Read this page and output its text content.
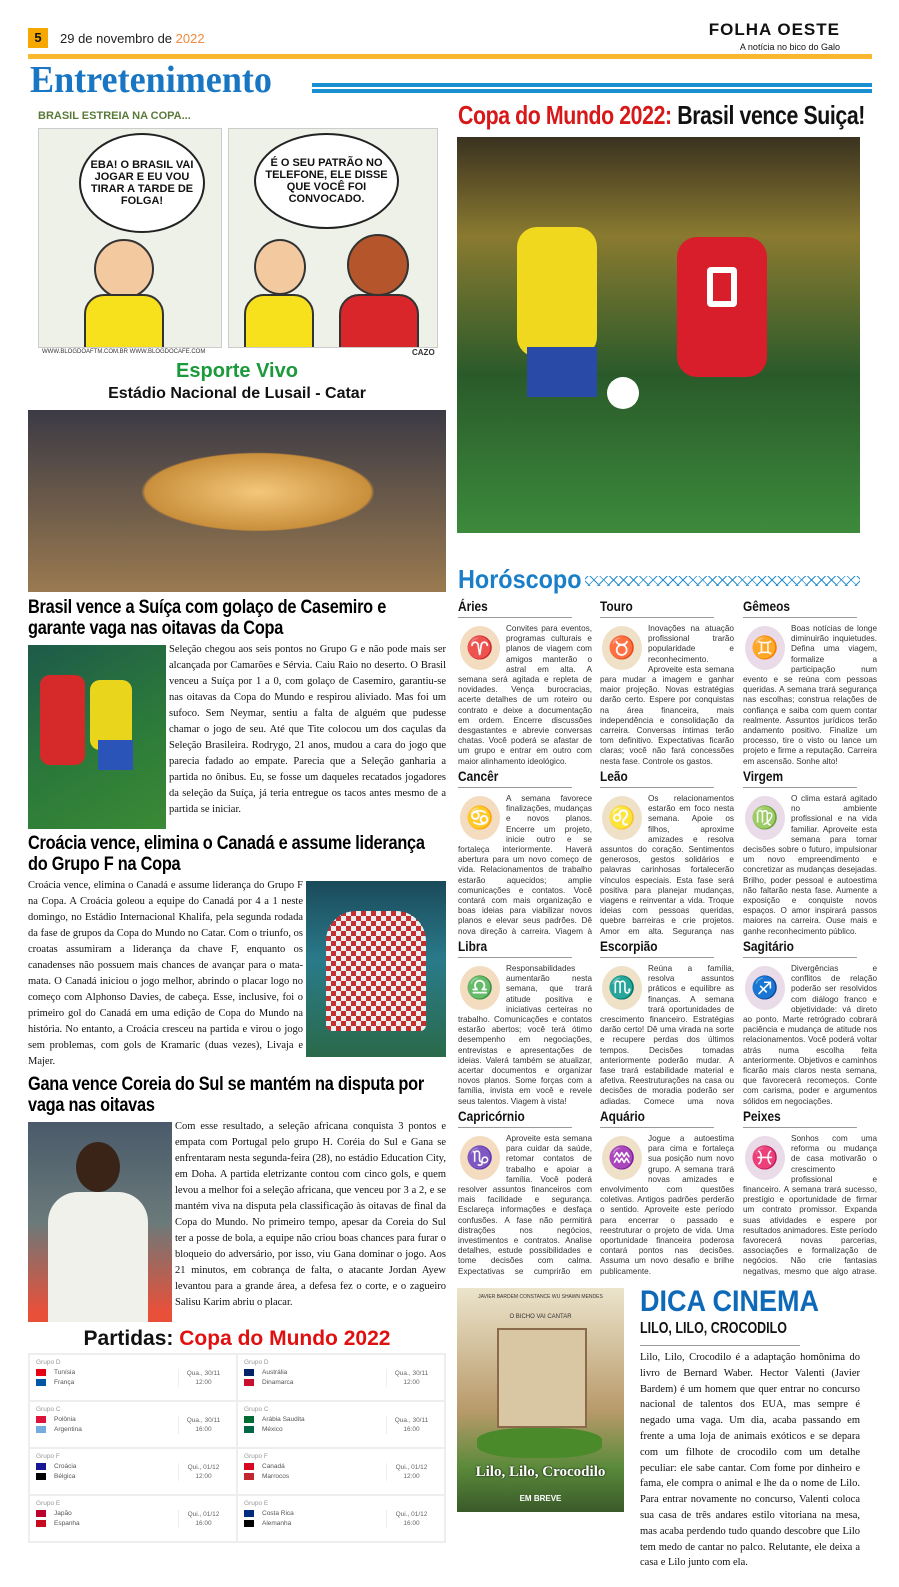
5	29 de novembro de 2022	FOLHA OESTE
A notícia no bico do Galo
Entretenimento
BRASIL ESTREIA NA COPA...
EBA! O BRASIL VAI JOGAR E EU VOU TIRAR A TARDE DE FOLGA!
É O SEU PATRÃO NO TELEFONE, ELE DISSE QUE VOCÊ FOI CONVOCADO.
WWW.BLOGDOAFTM.COM.BR WWW.BLOGDOCAFE.COM	CAZO
Esporte Vivo
Estádio Nacional de Lusail - Catar
Brasil vence a Suíça com golaço de Casemiro e garante vaga nas oitavas da Copa
Seleção chegou aos seis pontos no Grupo G e não pode mais ser alcançada por Camarões e Sérvia. Caiu Raio no deserto. O Brasil venceu a Suíça por 1 a 0, com golaço de Casemiro, garantiu-se nas oitavas da Copa do Mundo e respirou aliviado. Mas foi um sufoco. Sem Neymar, sentiu a falta de alguém que pudesse chamar o jogo de seu. Até que Tite colocou um dos caçulas da Seleção Brasileira. Rodrygo, 21 anos, mudou a cara do jogo que parecia fadado ao empate. Parecia que a Seleção ganharia a partida no ônibus. Eu, se fosse um daqueles recatados jogadores da seleção da Suíça, já teria entregue os tacos antes mesmo de a partida se iniciar.
Croácia vence, elimina o Canadá e assume liderança do Grupo F na Copa
Croácia vence, elimina o Canadá e assume liderança do Grupo F na Copa. A Croácia goleou a equipe do Canadá por 4 a 1 neste domingo, no Estádio Internacional Khalifa, pela segunda rodada da fase de grupos da Copa do Mundo no Catar. Com o triunfo, os croatas assumiram a liderança da chave F, enquanto os canadenses não possuem mais chances de avançar para o mata-mata. O Canadá iniciou o jogo melhor, abrindo o placar logo no começo com Alphonso Davies, de cabeça. Esse, inclusive, foi o primeiro gol do Canadá em uma edição de Copa do Mundo na história. No entanto, a Croácia cresceu na partida e virou o jogo sem problemas, com gols de Kramaric (duas vezes), Livaja e Majer.
Gana vence Coreia do Sul se mantém na disputa por vaga nas oitavas
Com esse resultado, a seleção africana conquista 3 pontos e empata com Portugal pelo grupo H. Coréia do Sul e Gana se enfrentaram nesta segunda-feira (28), no estádio Education City, em Doha. A partida eletrizante contou com cinco gols, e quem levou a melhor foi a seleção africana, que venceu por 3 a 2, e se mantém viva na disputa pela classificação às oitavas de final da Copa do Mundo. No primeiro tempo, apesar da Coreia do Sul ter a posse de bola, a equipe não criou boas chances para furar o bloqueio do adversário, por isso, viu Gana dominar o jogo. Aos 21 minutos, em cobrança de falta, o atacante Jordan Ayew levantou para a grande área, a defesa fez o corte, e o zagueiro Salisu Karim abriu o placar.
Partidas: Copa do Mundo 2022
Grupo D
Tunísia
França
Qua., 30/11
12:00
Grupo D
Austrália
Dinamarca
Qua., 30/11
12:00
Grupo C
Polônia
Argentina
Qua., 30/11
16:00
Grupo C
Arábia Saudita
México
Qua., 30/11
16:00
Grupo F
Croácia
Bélgica
Qui., 01/12
12:00
Grupo F
Canadá
Marrocos
Qui., 01/12
12:00
Grupo E
Japão
Espanha
Qui., 01/12
16:00
Grupo E
Costa Rica
Alemanha
Qui., 01/12
16:00
Copa do Mundo 2022: Brasil vence Suiça!
Horóscopo
Áries

♈
Convites para eventos, programas culturais e planos de viagem com amigos manterão o astral em alta. A semana será agitada e repleta de novidades. Vença burocracias, acerte detalhes de um roteiro ou contrato e deixe a documentação em ordem. Encerre discussões desgastantes e abrevie conversas chatas. Você poderá se afastar de um grupo e entrar em outro com maior alinhamento ideológico.

Touro

♉
Inovações na atuação profissional trarão popularidade e reconhecimento. Aproveite esta semana para mudar a imagem e ganhar maior projeção. Novas estratégias darão certo. Espere por conquistas na área financeira, mais independência e consolidação da carreira. Conversas íntimas terão tom definitivo. Expectativas ficarão claras; você não fará concessões nesta fase. Controle os gastos.

Gêmeos

♊
Boas notícias de longe diminuirão inquietudes. Defina uma viagem, formalize a participação num evento e se reúna com pessoas queridas. A semana trará segurança nas escolhas; construa relações de confiança e saiba com quem contar realmente. Assuntos jurídicos terão andamento positivo. Finalize um processo, tire o visto ou lance um projeto e firme a reputação. Carreira em ascensão. Sonhe alto!

Cancêr

♋
A semana favorece finalizações, mudanças e novos planos. Encerre um projeto, inicie outro e se fortaleça interiormente. Haverá abertura para um novo começo de vida. Relacionamentos de trabalho estarão aquecidos; amplie comunicações e contatos. Você contará com mais organização e boas ideias para viabilizar novos planos e elevar seus padrões. Dê nova direção à carreira. Viagem à

Leão

♌
Os relacionamentos estarão em foco nesta semana. Apoie os filhos, aproxime amizades e resolva assuntos do coração. Sentimentos generosos, gestos solidários e palavras carinhosas fortalecerão vínculos especiais. Esta fase será positiva para planejar mudanças, viagens e reinventar a vida. Troque ideias com pessoas queridas, quebre barreiras e crie projetos. Amor em alta. Segurança nas

Virgem

♍
O clima estará agitado no ambiente profissional e na vida familiar. Aproveite esta semana para tomar decisões sobre o futuro, impulsionar um novo empreendimento e concretizar as mudanças desejadas. Brilho, poder pessoal e autoestima não faltarão nesta fase. Aumente a exposição e conquiste novos espaços. O amor inspirará passos maiores na carreira. Ouse mais e ganhe reconhecimento público.

Libra

♎
Responsabilidades aumentarão nesta semana, que trará atitude positiva e iniciativas certeiras no trabalho. Comunicações e contatos estarão abertos; você terá ótimo desempenho em negociações, entrevistas e apresentações de ideias. Valerá também se atualizar, acertar documentos e organizar novos planos. Some forças com a família, invista em você e revele seus talentos. Viagem à vista!

Escorpião

♏
Reúna a família, resolva assuntos práticos e equilibre as finanças. A semana trará oportunidades de crescimento financeiro. Estratégias darão certo! Dê uma virada na sorte e recupere perdas dos últimos tempos. Decisões tomadas anteriormente poderão mudar. A fase trará estabilidade material e afetiva. Reestruturações na casa ou decisões de moradia poderão ser adiadas. Comece uma nova

Sagitário

♐
Divergências e conflitos de relação poderão ser resolvidos com diálogo franco e objetividade: vá direto ao ponto. Marte retrógrado cobrará paciência e mudança de atitude nos relacionamentos. Você poderá voltar atrás numa escolha feita anteriormente. Objetivos e caminhos ficarão mais claros nesta semana, que favorecerá recomeços. Conte com carisma, poder e argumentos sólidos em negociações.

Capricórnio

♑
Aproveite esta semana para cuidar da saúde, retomar contatos de trabalho e apoiar a família. Você poderá resolver assuntos financeiros com mais facilidade e segurança. Esclareça informações e desfaça confusões. A fase não permitirá distrações nos negócios, investimentos e contratos. Analise detalhes, estude possibilidades e tome decisões com calma. Expectativas se cumprirão em

Aquário

♒
Jogue a autoestima para cima e fortaleça sua posição num novo grupo. A semana trará novas amizades e envolvimento com questões coletivas. Antigos padrões perderão o sentido. Aproveite este período para encerrar o passado e reestruturar o projeto de vida. Uma oportunidade financeira poderosa contará pontos nas decisões. Assuma um novo desafio e brilhe publicamente.

Peixes

♓
Sonhos com uma reforma ou mudança de casa motivarão o crescimento profissional e financeiro. A semana trará sucesso, prestígio e oportunidade de firmar um contrato promissor. Expanda suas atividades e espere por resultados animadores. Este período favorecerá novas parcerias, associações e formalização de negócios. Não crie fantasias negativas, mesmo que algo atrase.

JAVIER BARDEM CONSTANCE WU SHAWN MENDES
O BICHO VAI CANTAR
Lilo, Lilo, Crocodilo
EM BREVE
DICA CINEMA
LILO, LILO, CROCODILO
Lilo, Lilo, Crocodilo é a adaptação homônima do livro de Bernard Waber. Hector Valenti (Javier Bardem) é um homem que quer entrar no concurso nacional de talentos dos EUA, mas sempre é negado uma vaga. Um dia, acaba passando em frente a uma loja de animais exóticos e se depara com um filhote de crocodilo com um detalhe peculiar: ele sabe cantar. Com fome por dinheiro e fama, ele compra o animal e lhe da o nome de Lilo. Para entrar novamente no concurso, Valenti coloca sua casa de três andares estilo vitoriana na mesa, mas acaba perdendo tudo quando descobre que Lilo tem medo de cantar no palco. Relutante, ele deixa a casa e Lilo junto com ela.
